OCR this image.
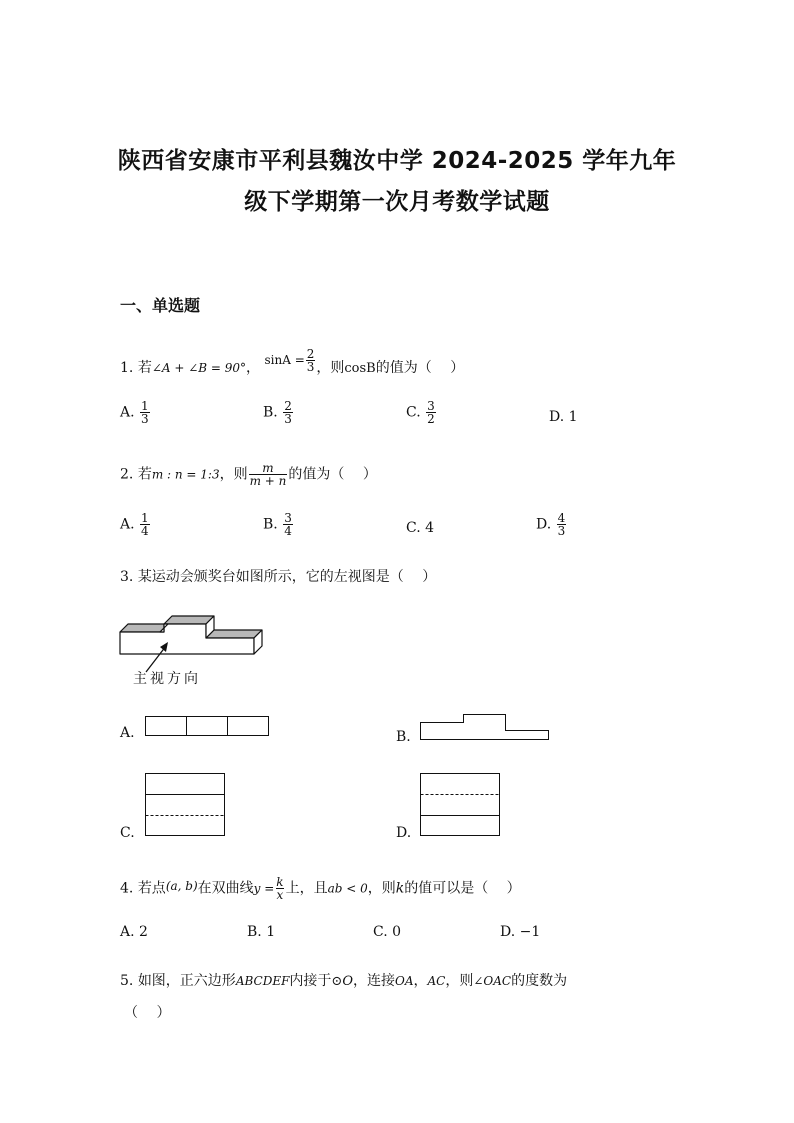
陕西省安康市平利县魏汝中学 2024-2025 学年九年
级下学期第一次月考数学试题
一、单选题
1. 若∠A + ∠B = 90°， $\sin A = \frac{2}{3}$ ，则cosB的值为（　 ）
A. $\frac{1}{3}$	B. $\frac{2}{3}$	C. $\frac{3}{2}$	D. 1
2. 若m : n = 1:3，则 $\frac{m}{m + n}$ 的值为（　 ）
A. $\frac{1}{4}$	B. $\frac{3}{4}$	C. 4	D. $\frac{4}{3}$
3. 某运动会颁奖台如图所示，它的左视图是（　 ）
主视方向
A.	B.
C.	D.
4. 若点(a, b)在双曲线$y = \frac{k}{x}$ 上，且ab < 0，则k的值可以是（　 ）
A. 2	B. 1	C. 0	D. −1
5. 如图，正六边形ABCDEF内接于⊙O，连接OA，AC，则∠OAC的度数为
（　 ）
